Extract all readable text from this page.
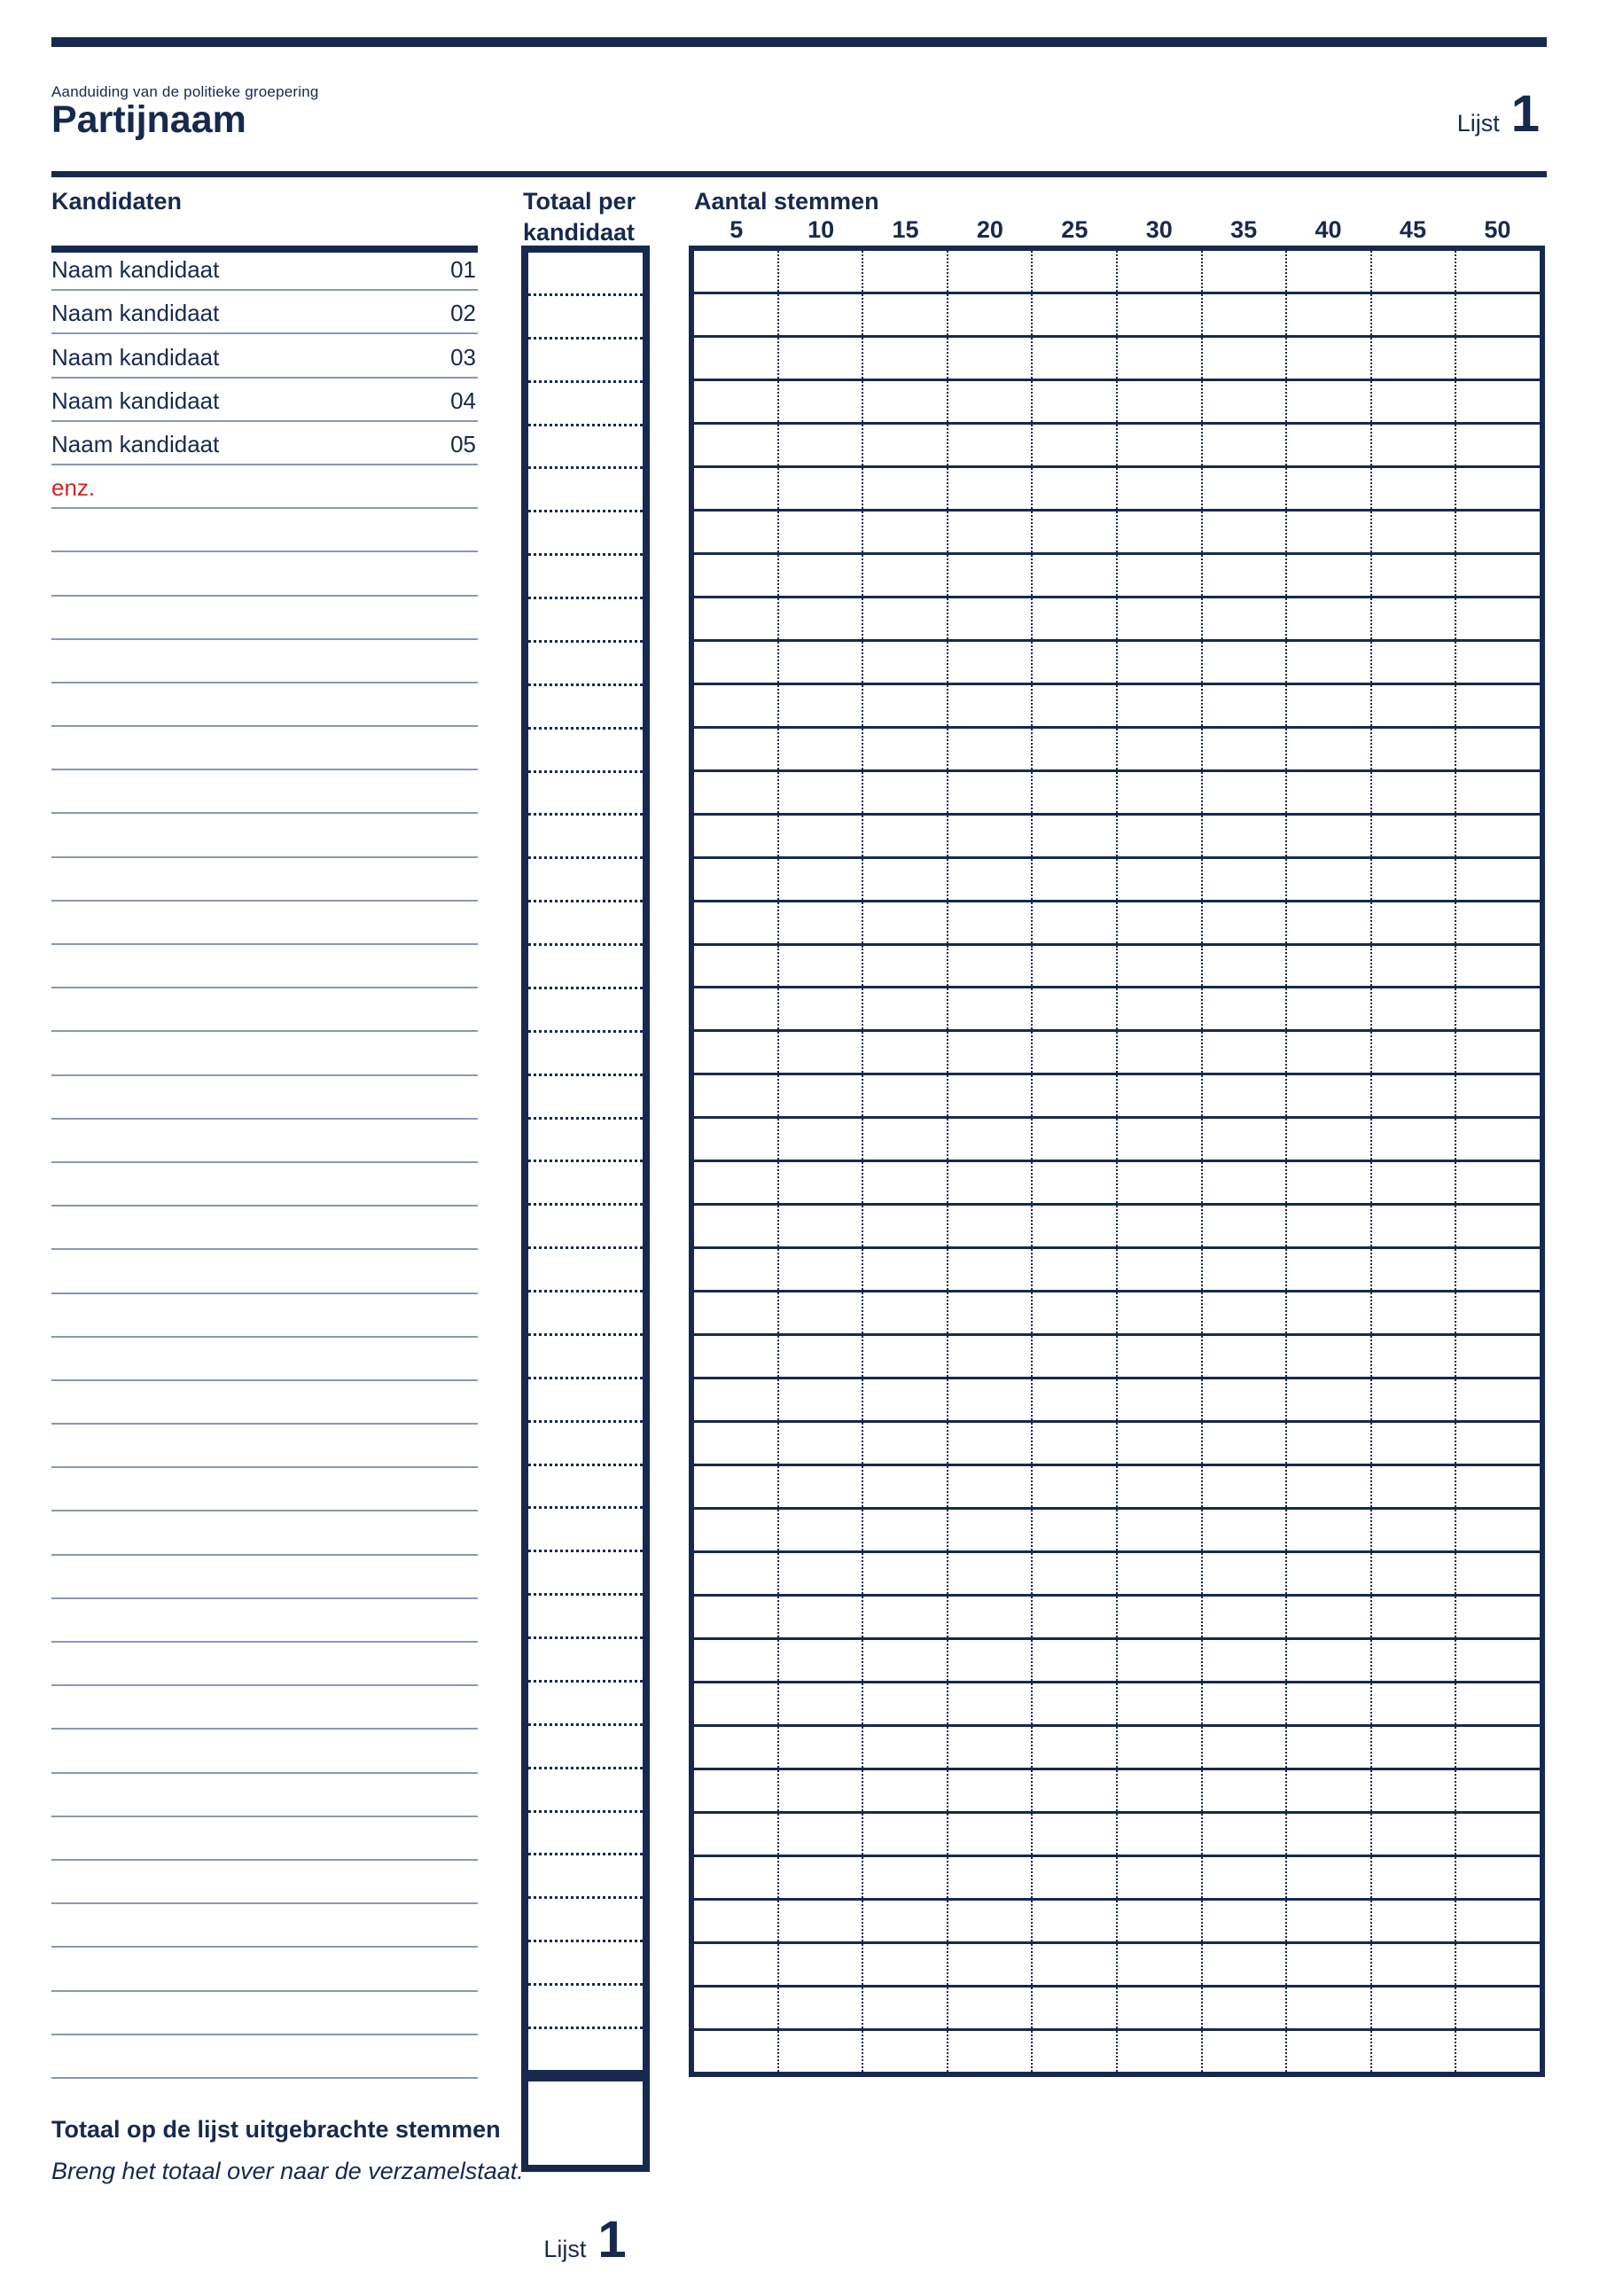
Aanduiding van de politieke groepering
Partijnaam	Lijst 1
Kandidaten	Totaal per
kandidaat
Aantal stemmen
5	10	15	20	25	30	35	40	45	50
Naam kandidaat	01
Naam kandidaat	02
Naam kandidaat	03
Naam kandidaat	04
Naam kandidaat	05
enz.
Totaal op de lijst uitgebrachte stemmen
Breng het totaal over naar de verzamelstaat.
Lijst 1
